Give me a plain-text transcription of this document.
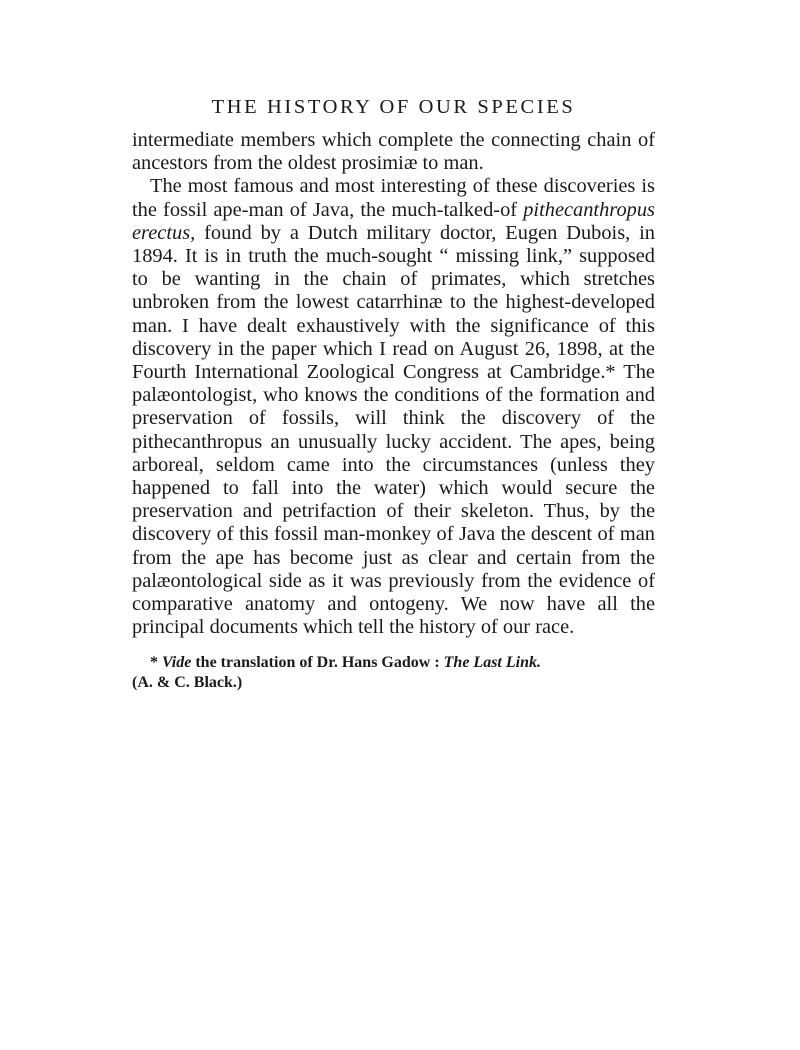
THE HISTORY OF OUR SPECIES

intermediate members which complete the connecting chain of ancestors from the oldest prosimiæ to man.

The most famous and most interesting of these discoveries is the fossil ape-man of Java, the much-talked-of pithecanthropus erectus, found by a Dutch military doctor, Eugen Dubois, in 1894. It is in truth the much-sought “ missing link,” supposed to be wanting in the chain of primates, which stretches unbroken from the lowest catarrhinæ to the highest-developed man. I have dealt exhaustively with the significance of this discovery in the paper which I read on August 26, 1898, at the Fourth International Zoological Congress at Cambridge.* The palæontologist, who knows the conditions of the formation and preservation of fossils, will think the discovery of the pithecanthropus an unusually lucky accident. The apes, being arboreal, seldom came into the circumstances (unless they happened to fall into the water) which would secure the preservation and petrifaction of their skeleton. Thus, by the discovery of this fossil man-monkey of Java the descent of man from the ape has become just as clear and certain from the palæontological side as it was previously from the evidence of comparative anatomy and ontogeny. We now have all the principal documents which tell the history of our race.

* Vide the translation of Dr. Hans Gadow : The Last Link.
(A. & C. Black.)
